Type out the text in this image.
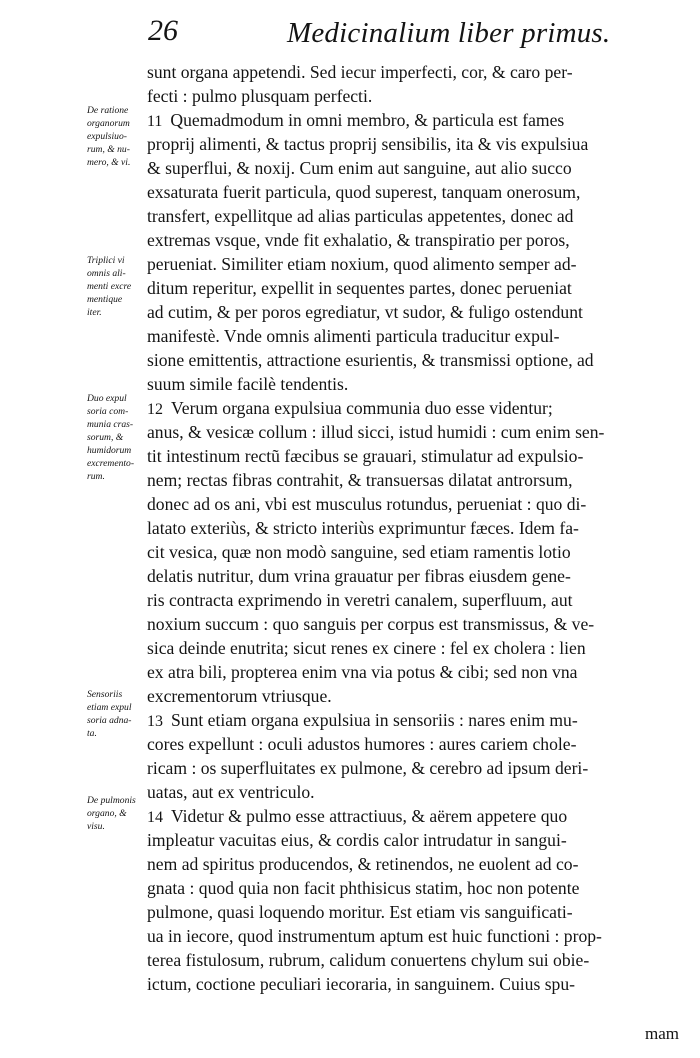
26	Medicinalium liber primus.
De ratione
organorum
expulsiuo-
rum, & nu-
mero, & vi.
Triplici vi
omnis ali-
menti excre
mentique
iter.
Duo expul
soria com-
munia cras-
sorum, &
humidorum
excremento-
rum.
Sensoriis
etiam expul
soria adna-
ta.
De pulmonis
organo, &
visu.
sunt organa appetendi. Sed iecur imperfecti, cor, & caro per-
fecti : pulmo plusquam perfecti.
11 Quemadmodum in omni membro, & particula est fames
proprij alimenti, & tactus proprij sensibilis, ita & vis expulsiua
& superflui, & noxij. Cum enim aut sanguine, aut alio succo
exsaturata fuerit particula, quod superest, tanquam onerosum,
transfert, expellitque ad alias particulas appetentes, donec ad
extremas vsque, vnde fit exhalatio, & transpiratio per poros,
perueniat. Similiter etiam noxium, quod alimento semper ad-
ditum reperitur, expellit in sequentes partes, donec perueniat
ad cutim, & per poros egrediatur, vt sudor, & fuligo ostendunt
manifestè. Vnde omnis alimenti particula traducitur expul-
sione emittentis, attractione esurientis, & transmissi optione, ad
suum simile facilè tendentis.
12 Verum organa expulsiua communia duo esse videntur;
anus, & vesicæ collum : illud sicci, istud humidi : cum enim sen-
tit intestinum rectũ fæcibus se grauari, stimulatur ad expulsio-
nem; rectas fibras contrahit, & transuersas dilatat antrorsum,
donec ad os ani, vbi est musculus rotundus, perueniat : quo di-
latato exteriùs, & stricto interiùs exprimuntur fæces. Idem fa-
cit vesica, quæ non modò sanguine, sed etiam ramentis lotio
delatis nutritur, dum vrina grauatur per fibras eiusdem gene-
ris contracta exprimendo in veretri canalem, superfluum, aut
noxium succum : quo sanguis per corpus est transmissus, & ve-
sica deinde enutrita; sicut renes ex cinere : fel ex cholera : lien
ex atra bili, propterea enim vna via potus & cibi; sed non vna
excrementorum vtriusque.
13 Sunt etiam organa expulsiua in sensoriis : nares enim mu-
cores expellunt : oculi adustos humores : aures cariem chole-
ricam : os superfluitates ex pulmone, & cerebro ad ipsum deri-
uatas, aut ex ventriculo.
14 Videtur & pulmo esse attractiuus, & aërem appetere quo
impleatur vacuitas eius, & cordis calor intrudatur in sangui-
nem ad spiritus producendos, & retinendos, ne euolent ad co-
gnata : quod quia non facit phthisicus statim, hoc non potente
pulmone, quasi loquendo moritur. Est etiam vis sanguificati-
ua in iecore, quod instrumentum aptum est huic functioni : prop-
terea fistulosum, rubrum, calidum conuertens chylum sui obie-
ictum, coctione peculiari iecoraria, in sanguinem. Cuius spu-
mam
